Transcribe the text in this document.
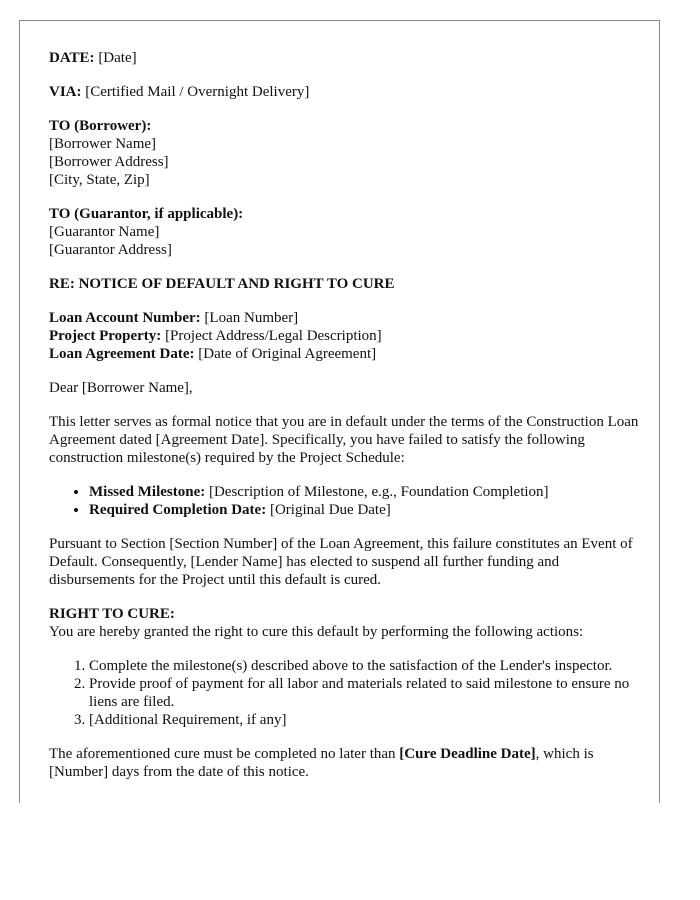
DATE: [Date]

VIA: [Certified Mail / Overnight Delivery]

TO (Borrower):
[Borrower Name]
[Borrower Address]
[City, State, Zip]

TO (Guarantor, if applicable):
[Guarantor Name]
[Guarantor Address]

RE: NOTICE OF DEFAULT AND RIGHT TO CURE

Loan Account Number: [Loan Number]
Project Property: [Project Address/Legal Description]
Loan Agreement Date: [Date of Original Agreement]

Dear [Borrower Name],

This letter serves as formal notice that you are in default under the terms of the Construction Loan Agreement dated [Agreement Date]. Specifically, you have failed to satisfy the following construction milestone(s) required by the Project Schedule:

• Missed Milestone: [Description of Milestone, e.g., Foundation Completion]
• Required Completion Date: [Original Due Date]

Pursuant to Section [Section Number] of the Loan Agreement, this failure constitutes an Event of Default. Consequently, [Lender Name] has elected to suspend all further funding and disbursements for the Project until this default is cured.

RIGHT TO CURE:
You are hereby granted the right to cure this default by performing the following actions:

1. Complete the milestone(s) described above to the satisfaction of the Lender's inspector.
2. Provide proof of payment for all labor and materials related to said milestone to ensure no liens are filed.
3. [Additional Requirement, if any]

The aforementioned cure must be completed no later than [Cure Deadline Date], which is [Number] days from the date of this notice.
